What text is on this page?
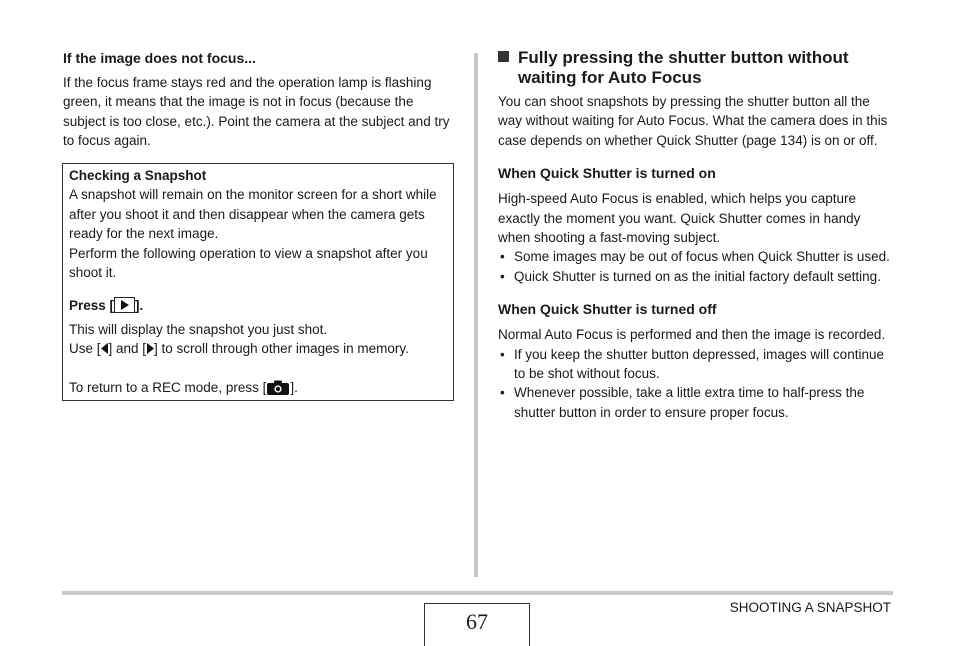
If the image does not focus...

If the focus frame stays red and the operation lamp is flashing green, it means that the image is not in focus (because the subject is too close, etc.). Point the camera at the subject and try to focus again.

Checking a Snapshot

A snapshot will remain on the monitor screen for a short while after you shoot it and then disappear when the camera gets ready for the next image.

Perform the following operation to view a snapshot after you shoot it.

Press [ ].

This will display the snapshot you just shot.

Use [ ] and [ ] to scroll through other images in memory.

To return to a REC mode, press [ ].

Fully pressing the shutter button without
waiting for Auto Focus

You can shoot snapshots by pressing the shutter button all the way without waiting for Auto Focus. What the camera does in this case depends on whether Quick Shutter (page 134) is on or off.

When Quick Shutter is turned on

High-speed Auto Focus is enabled, which helps you capture exactly the moment you want. Quick Shutter comes in handy when shooting a fast-moving subject.

• Some images may be out of focus when Quick Shutter is used.
• Quick Shutter is turned on as the initial factory default setting.
When Quick Shutter is turned off

Normal Auto Focus is performed and then the image is recorded.

• If you keep the shutter button depressed, images will continue to be shot without focus.
• Whenever possible, take a little extra time to half-press the shutter button in order to ensure proper focus.
67
SHOOTING A SNAPSHOT
